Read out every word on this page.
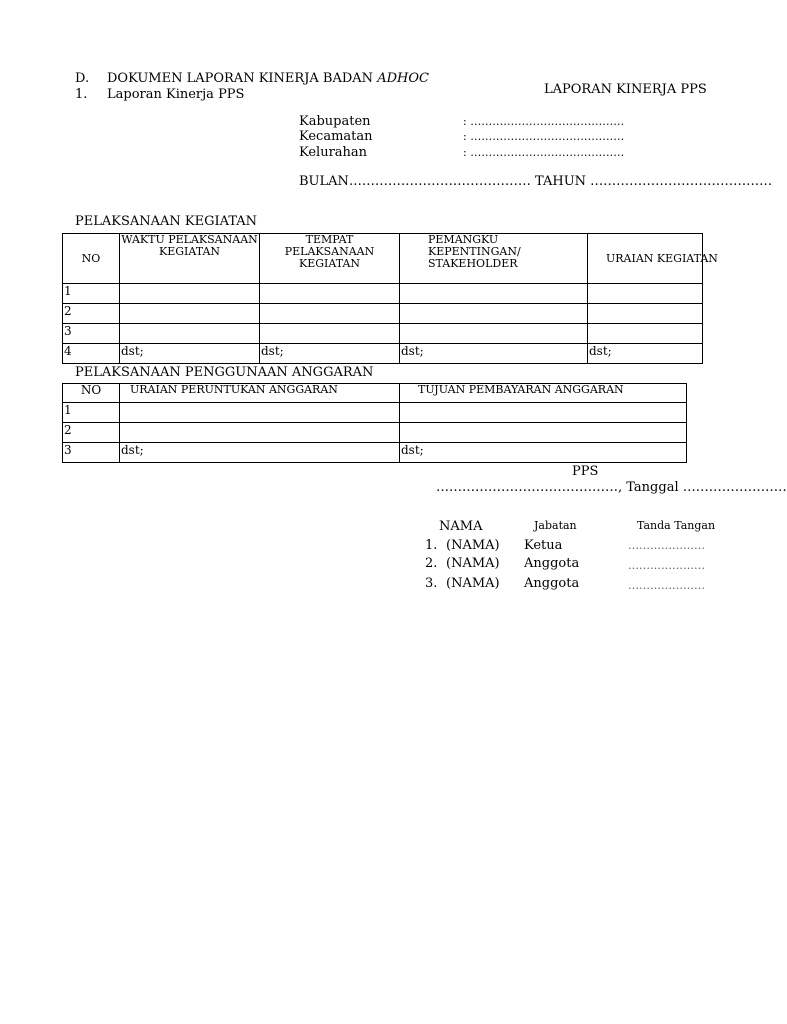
D. DOKUMEN LAPORAN KINERJA BADAN ADHOC
1. Laporan Kinerja PPS	LAPORAN KINERJA PPS
Kabupaten	: ……………………………………
Kecamatan	: ……………………………………
Kelurahan	: ……………………………………
BULAN…………………………………… TAHUN ……………………………………
PELAKSANAAN KEGIATAN
NO	WAKTU PELAKSANAAN KEGIATAN	TEMPAT PELAKSANAAN KEGIATAN	PEMANGKU KEPENTINGAN/ STAKEHOLDER	URAIAN KEGIATAN
1				
2				
3				
4	dst;	dst;	dst;	dst;
PELAKSANAAN PENGGUNAAN ANGGARAN
NO	URAIAN PERUNTUKAN ANGGARAN	TUJUAN PEMBAYARAN ANGGARAN
1		
2		
3	dst;	dst;
PPS
……………………………………, Tanggal ……………………
NAMA	Jabatan	Tanda Tangan
1. (NAMA) Ketua	…………………
2. (NAMA) Anggota	…………………
3. (NAMA) Anggota	…………………
